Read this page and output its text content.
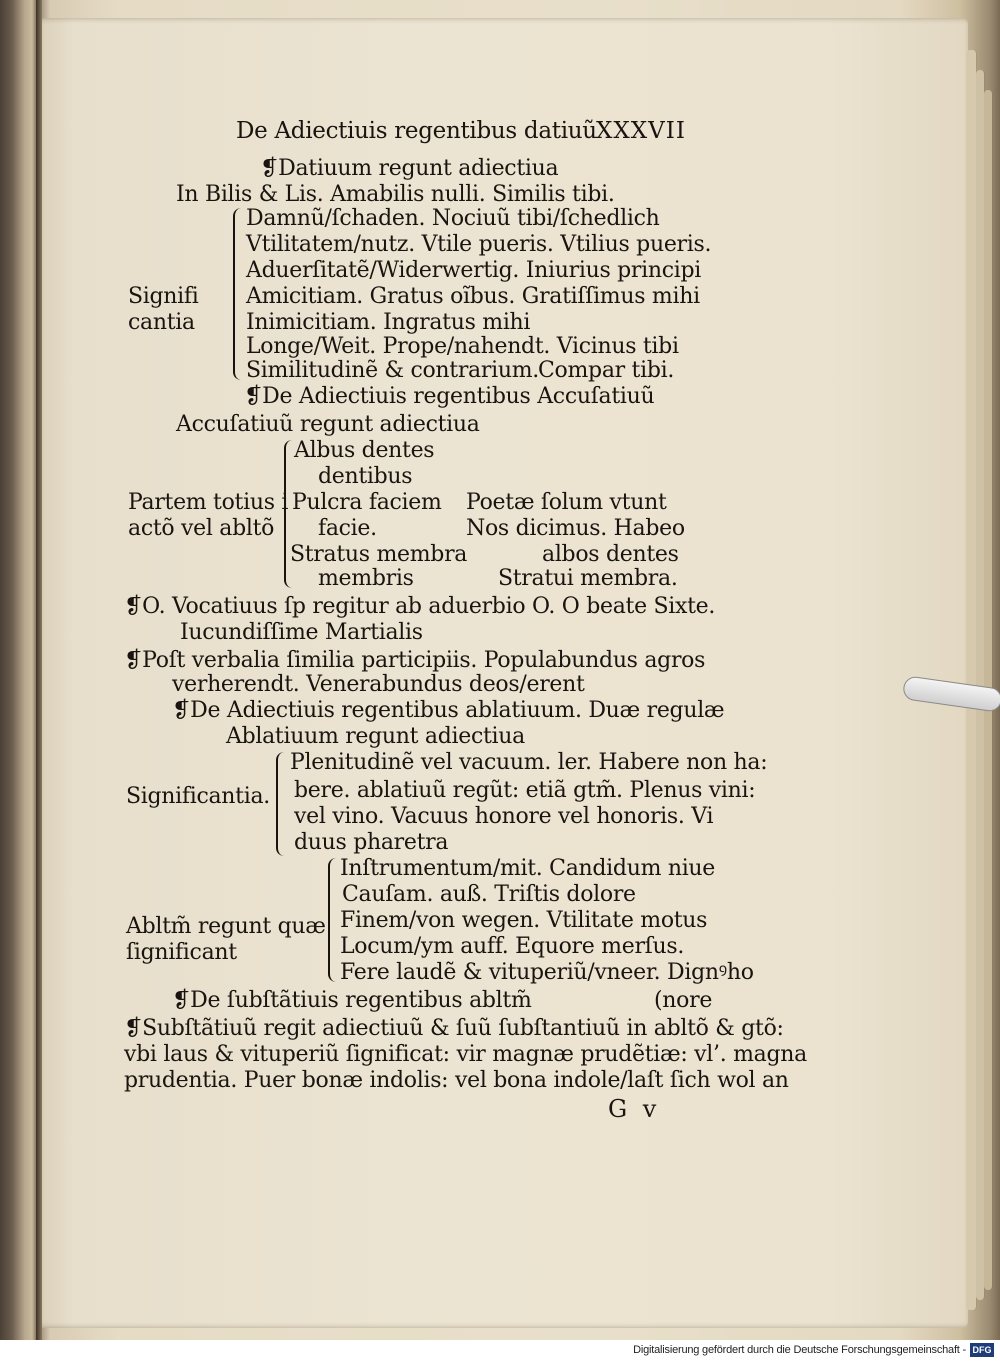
De Adiectiuis regentibus datiuũ XXXVII
❡Datiuum regunt adiectiua
In Bilis & Lis. Amabilis nulli. Similis tibi.
Damnũ/ſchaden. Nociuũ tibi/ſchedlich
Vtilitatem/nutz. Vtile pueris. Vtilius pueris.
Aduerſitatẽ/Widerwertig. Iniurius principi
Signifi Amicitiam. Gratus oĩbus. Gratiſſimus mihi
cantia Inimicitiam. Ingratus mihi
Longe/Weit. Prope/nahendt. Vicinus tibi
Similitudinẽ & contrarium. Compar tibi.
❡De Adiectiuis regentibus Accuſatiuũ
Accuſatiuũ regunt adiectiua
Albus dentes
dentibus
Partem totius i Pulcra faciem Poetæ ſolum vtunt
actõ vel abltõ facie.	Nos dicimus. Habeo
Stratus membra	albos dentes
membris	Stratui membra.
❡O. Vocatiuus ſp regitur ab aduerbio O. O beate Sixte.
Iucundiſſime Martialis
❡Poſt verbalia ſimilia participiis. Populabundus agros
verherendt. Venerabundus deos/erent
❡De Adiectiuis regentibus ablatiuum. Duæ regulæ
Ablatiuum regunt adiectiua
Plenitudinẽ vel vacuum. ler. Habere non ha:
Significantia. bere. ablatiuũ regũt: etiã gtm̃. Plenus vini:
vel vino. Vacuus honore vel honoris. Vi
duus pharetra
Inſtrumentum/mit. Candidum niue
Cauſam. auß. Triſtis dolore
Abltm̃ regunt quæ Finem/von wegen. Vtilitate motus
ſignificant	Locum/ym auff. Equore merſus.
Fere laudẽ & vituperiũ/vneer. Dignꝰho
❡De ſubſtãtiuis regentibus abltm̃	(nore
❡Subſtãtiuũ regit adiectiuũ & ſuũ ſubſtantiuũ in abltõ & gtõ:
vbi laus & vituperiũ ſignificat: vir magnæ prudẽtiæ: vl’. magna
prudentia. Puer bonæ indolis: vel bona indole/laſt ſich wol an
G v
Digitalisierung gefördert durch die Deutsche Forschungsgemeinschaft - DFG
